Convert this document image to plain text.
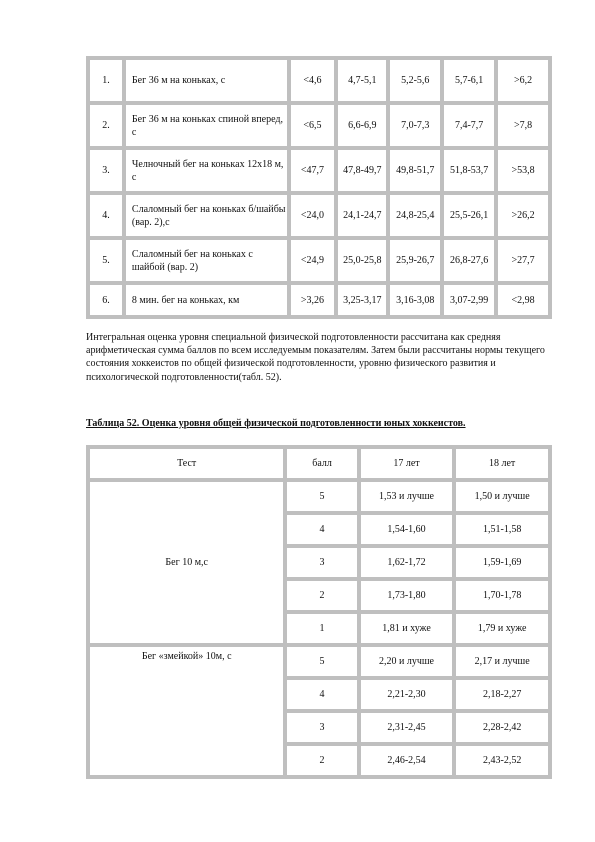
1.	Бег 36 м на коньках, с	<4,6	4,7-5,1	5,2-5,6	5,7-6,1	>6,2
2.	Бег 36 м на коньках спиной вперед, с	<6,5	6,6-6,9	7,0-7,3	7,4-7,7	>7,8
3.	Челночный бег на коньках 12х18 м, с	<47,7	47,8-49,7	49,8-51,7	51,8-53,7	>53,8
4.	Слаломный бег на коньках б/шайбы (вар. 2),с	<24,0	24,1-24,7	24,8-25,4	25,5-26,1	>26,2
5.	Слаломный бег на коньках с шайбой (вар. 2)	<24,9	25,0-25,8	25,9-26,7	26,8-27,6	>27,7
6.	8 мин. бег на коньках, км	>3,26	3,25-3,17	3,16-3,08	3,07-2,99	<2,98
Интегральная оценка уровня специальной физической подготовленности рассчитана как средняя арифметическая сумма баллов по всем исследуемым показателям. Затем были рассчитаны нормы текущего состояния хоккеистов по общей физической подготовленности, уровню физического развития и психологической подготовленности(табл. 52).
Таблица 52. Оценка уровня общей физической подготовленности юных хоккеистов.
Тест	балл	17 лет	18 лет
Бег 10 м,с	5	1,53 и лучше	1,50 и лучше
	4	1,54-1,60	1,51-1,58
	3	1,62-1,72	1,59-1,69
	2	1,73-1,80	1,70-1,78
	1	1,81 и хуже	1,79 и хуже
Бег «змейкой» 10м, с	5	2,20 и лучше	2,17 и лучше
	4	2,21-2,30	2,18-2,27
	3	2,31-2,45	2,28-2,42
	2	2,46-2,54	2,43-2,52
